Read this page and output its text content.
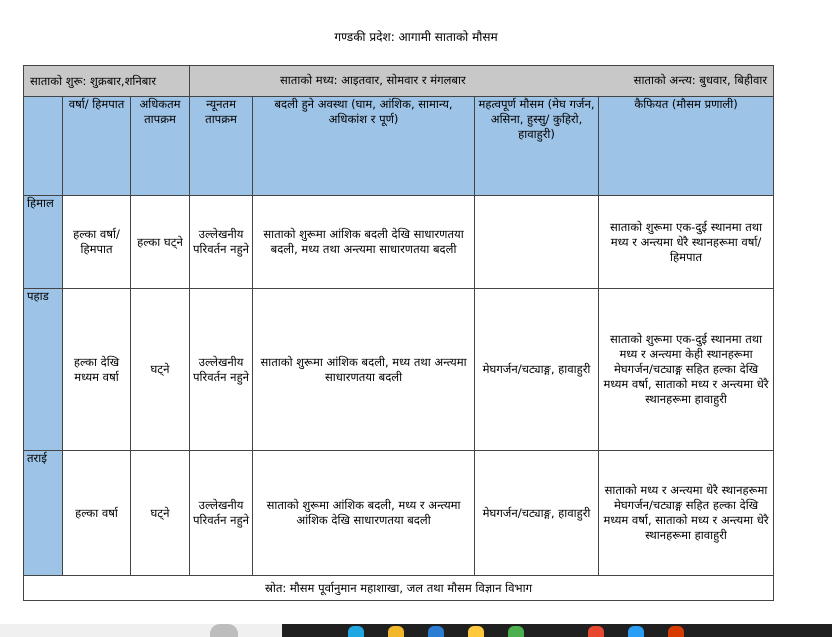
गण्डकी प्रदेश: आगामी साताको मौसम
साताको शुरू: शुक्रबार,शनिबार			साताको मध्य: आइतवार, सोमवार र मंगलबार साताको अन्त्य: बुधवार, बिहीवार			

	वर्षा/ हिमपात	अधिकतम तापक्रम	न्यूनतम तापक्रम	बदली हुने अवस्था (घाम, आंशिक, सामान्य, अधिकांश र पूर्ण)	महत्वपूर्ण मौसम (मेघ गर्जन, असिना, हुस्सु/ कुहिरो, हावाहुरी)	कैफियत (मौसम प्रणाली)
हिमाल	हल्का वर्षा/ हिमपात	हल्का घट्ने	उल्लेखनीय परिवर्तन नहुने	साताको शुरूमा आंशिक बदली देखि साधारणतया बदली, मध्य तथा अन्त्यमा साधारणतया बदली		साताको शुरूमा एक-दुई स्थानमा तथा मध्य र अन्त्यमा धेरै स्थानहरूमा वर्षा/ हिमपात
पहाड	हल्का देखि मध्यम वर्षा	घट्ने	उल्लेखनीय परिवर्तन नहुने	साताको शुरूमा आंशिक बदली, मध्य तथा अन्त्यमा साधारणतया बदली	मेघगर्जन/चट्याङ्ग, हावाहुरी	साताको शुरूमा एक-दुई स्थानमा तथा मध्य र अन्त्यमा केही स्थानहरूमा मेघगर्जन/चट्याङ्ग सहित हल्का देखि मध्यम वर्षा, साताको मध्य र अन्त्यमा धेरै स्थानहरूमा हावाहुरी
तराई	हल्का वर्षा	घट्ने	उल्लेखनीय परिवर्तन नहुने	साताको शुरूमा आंशिक बदली, मध्य र अन्त्यमा आंशिक देखि साधारणतया बदली	मेघगर्जन/चट्याङ्ग, हावाहुरी	साताको मध्य र अन्त्यमा धेरै स्थानहरूमा मेघगर्जन/चट्याङ्ग सहित हल्का देखि मध्यम वर्षा, साताको मध्य र अन्त्यमा धेरै स्थानहरूमा हावाहुरी
स्रोत: मौसम पूर्वानुमान महाशाखा, जल तथा मौसम विज्ञान विभाग						
